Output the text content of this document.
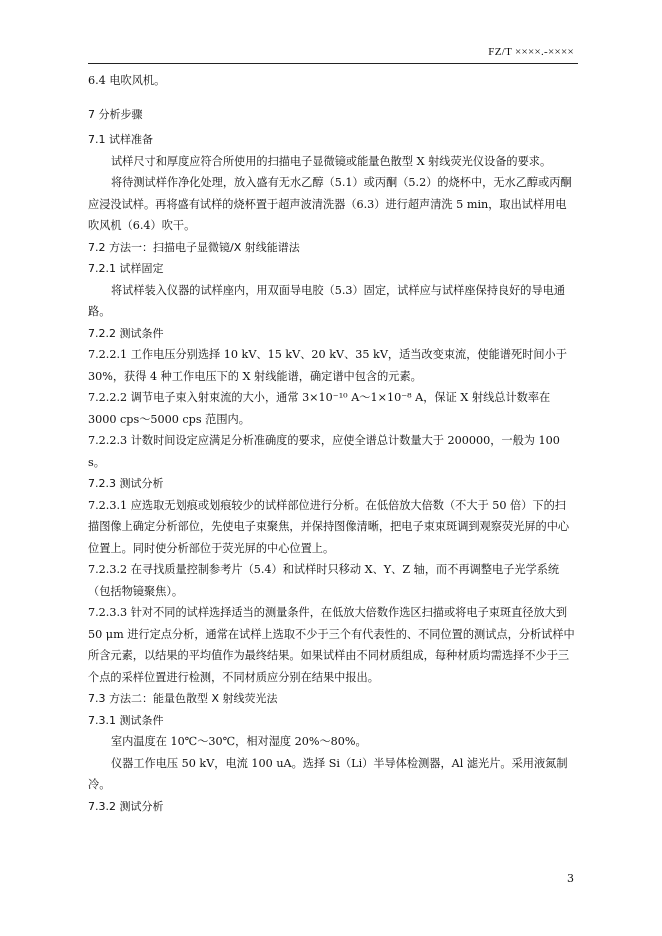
FZ/T ××××.-××××

6.4 电吹风机。

7 分析步骤

7.1 试样准备

试样尺寸和厚度应符合所使用的扫描电子显微镜或能量色散型 X 射线荧光仪设备的要求。

将待测试样作净化处理，放入盛有无水乙醇（5.1）或丙酮（5.2）的烧杯中，无水乙醇或丙酮应浸没试样。再将盛有试样的烧杯置于超声波清洗器（6.3）进行超声清洗 5 min，取出试样用电吹风机（6.4）吹干。

7.2 方法一：扫描电子显微镜/X 射线能谱法

7.2.1 试样固定

将试样装入仪器的试样座内，用双面导电胶（5.3）固定，试样应与试样座保持良好的导电通路。

7.2.2 测试条件

7.2.2.1 工作电压分别选择 10 kV、15 kV、20 kV、35 kV，适当改变束流，使能谱死时间小于 30%，获得 4 种工作电压下的 X 射线能谱，确定谱中包含的元素。

7.2.2.2 调节电子束入射束流的大小，通常 3×10⁻¹⁰ A～1×10⁻⁸ A，保证 X 射线总计数率在 3000 cps～5000 cps 范围内。

7.2.2.3 计数时间设定应满足分析准确度的要求，应使全谱总计数量大于 200000，一般为 100 s。

7.2.3 测试分析

7.2.3.1 应选取无划痕或划痕较少的试样部位进行分析。在低倍放大倍数（不大于 50 倍）下的扫描图像上确定分析部位，先使电子束聚焦，并保持图像清晰，把电子束束斑调到观察荧光屏的中心位置上。同时使分析部位于荧光屏的中心位置上。

7.2.3.2 在寻找质量控制参考片（5.4）和试样时只移动 X、Y、Z 轴，而不再调整电子光学系统（包括物镜聚焦）。

7.2.3.3 针对不同的试样选择适当的测量条件，在低放大倍数作选区扫描或将电子束斑直径放大到 50 μm 进行定点分析，通常在试样上选取不少于三个有代表性的、不同位置的测试点，分析试样中所含元素，以结果的平均值作为最终结果。如果试样由不同材质组成，每种材质均需选择不少于三个点的采样位置进行检测，不同材质应分别在结果中报出。

7.3 方法二：能量色散型 X 射线荧光法

7.3.1 测试条件

室内温度在 10℃～30℃，相对湿度 20%～80%。

仪器工作电压 50 kV，电流 100 uA。选择 Si（Li）半导体检测器，Al 滤光片。采用液氮制冷。

7.3.2 测试分析

3
